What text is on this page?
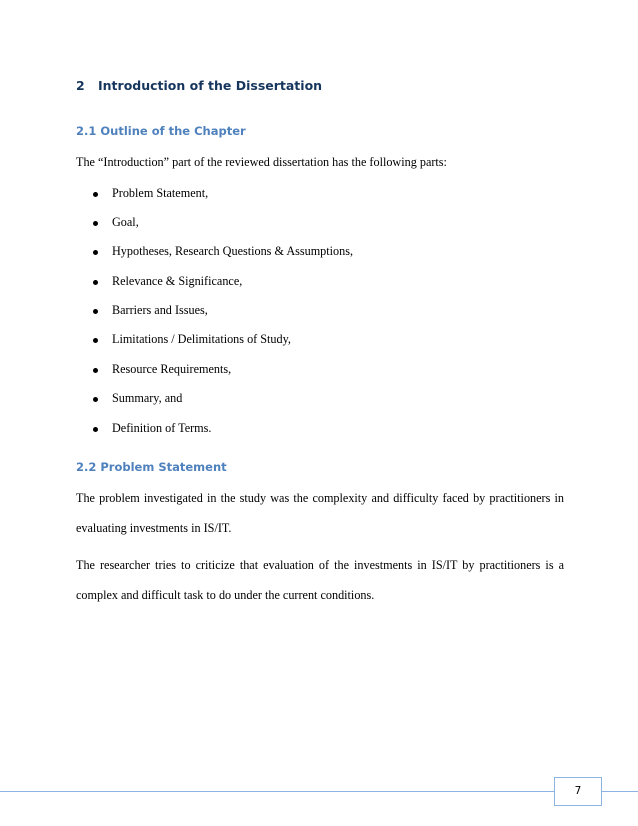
2 Introduction of the Dissertation
2.1 Outline of the Chapter
The “Introduction” part of the reviewed dissertation has the following parts:
Problem Statement,
Goal,
Hypotheses, Research Questions & Assumptions,
Relevance & Significance,
Barriers and Issues,
Limitations / Delimitations of Study,
Resource Requirements,
Summary, and
Definition of Terms.
2.2 Problem Statement
The problem investigated in the study was the complexity and difficulty faced by practitioners in evaluating investments in IS/IT.
The researcher tries to criticize that evaluation of the investments in IS/IT by practitioners is a complex and difficult task to do under the current conditions.
7
